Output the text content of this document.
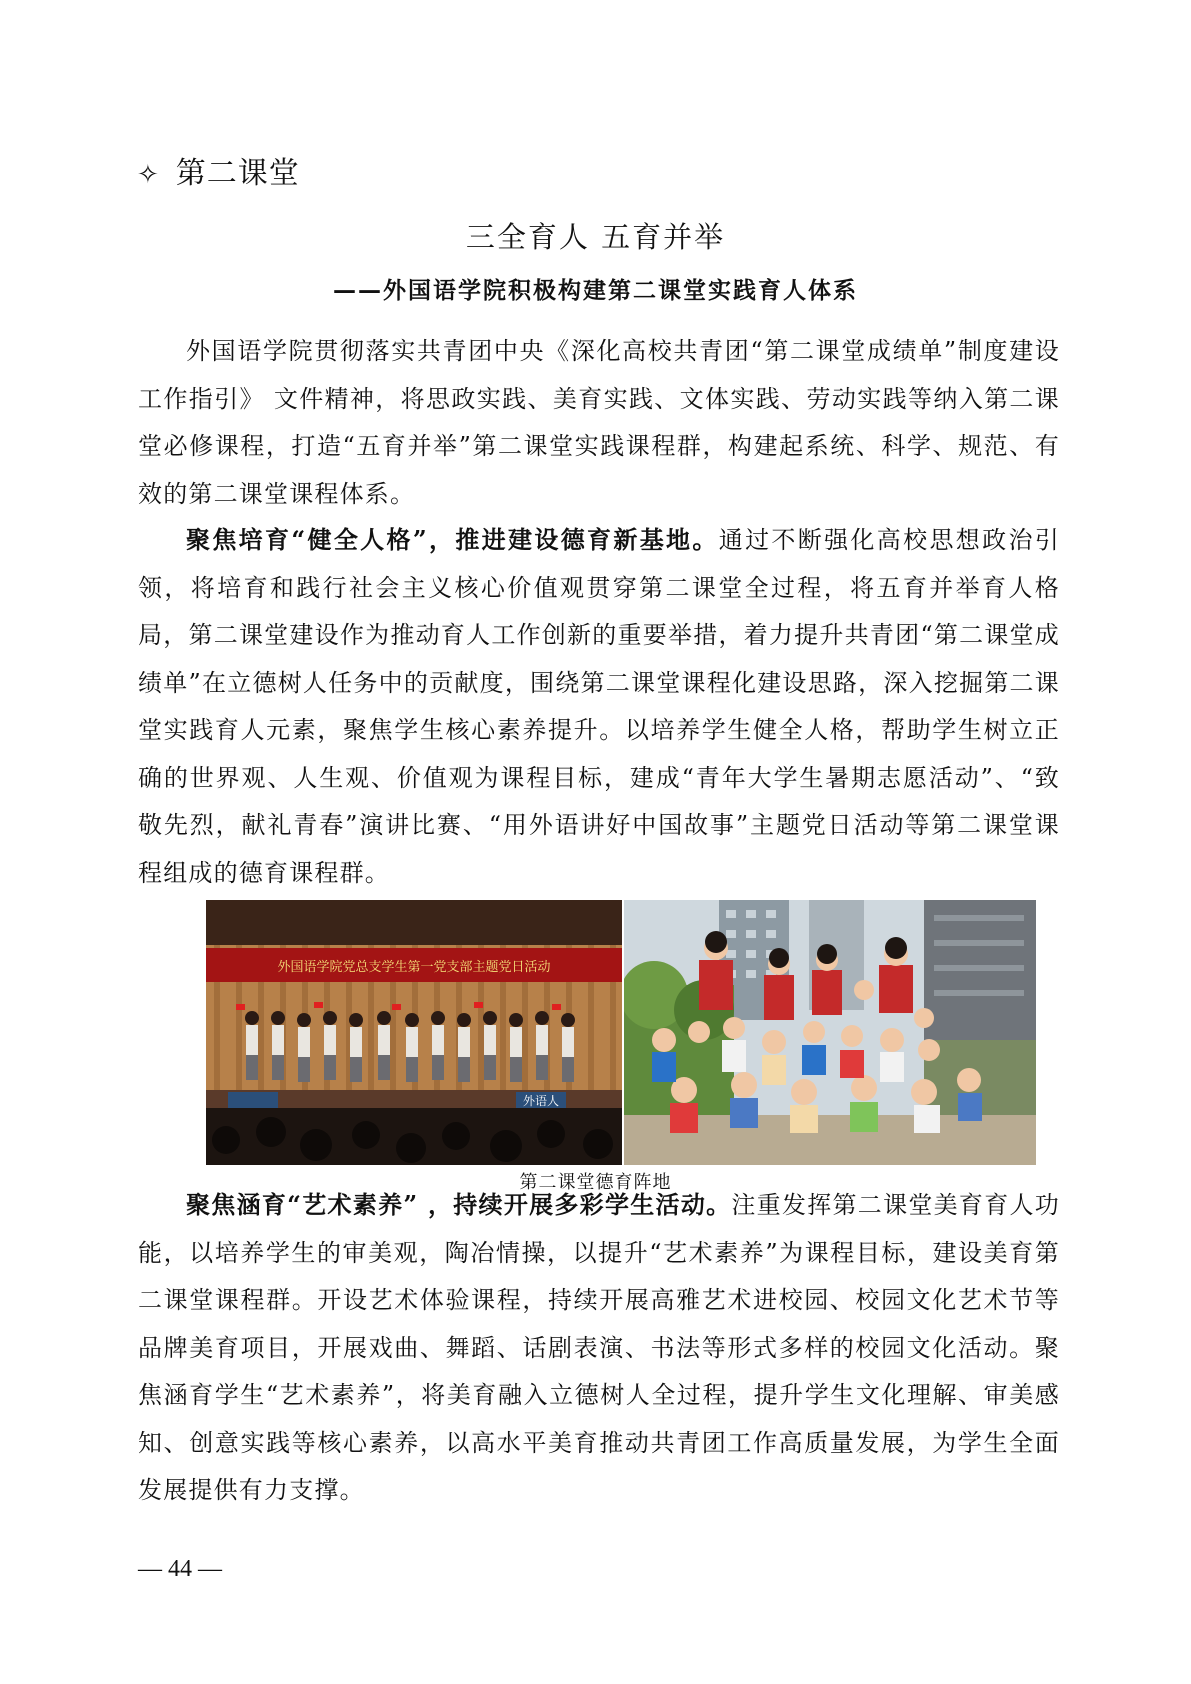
✧ 第二课堂
三全育人 五育并举
——外国语学院积极构建第二课堂实践育人体系

外国语学院贯彻落实共青团中央《深化高校共青团“第二课堂成绩单”制度建设工作指引》 文件精神，将思政实践、美育实践、文体实践、劳动实践等纳入第二课堂必修课程，打造“五育并举”第二课堂实践课程群，构建起系统、科学、规范、有效的第二课堂课程体系。

聚焦培育“健全人格”，推进建设德育新基地。通过不断强化高校思想政治引领，将培育和践行社会主义核心价值观贯穿第二课堂全过程，将五育并举育人格局，第二课堂建设作为推动育人工作创新的重要举措，着力提升共青团“第二课堂成绩单”在立德树人任务中的贡献度，围绕第二课堂课程化建设思路，深入挖掘第二课堂实践育人元素，聚焦学生核心素养提升。以培养学生健全人格，帮助学生树立正确的世界观、人生观、价值观为课程目标，建成“青年大学生暑期志愿活动”、“致敬先烈，献礼青春”演讲比赛、“用外语讲好中国故事”主题党日活动等第二课堂课程组成的德育课程群。

外国语学院党总支学生第一党支部主题党日活动
外语人
第二课堂德育阵地

聚焦涵育“艺术素养” ，持续开展多彩学生活动。注重发挥第二课堂美育育人功能，以培养学生的审美观，陶冶情操，以提升“艺术素养”为课程目标，建设美育第二课堂课程群。开设艺术体验课程，持续开展高雅艺术进校园、校园文化艺术节等品牌美育项目，开展戏曲、舞蹈、话剧表演、书法等形式多样的校园文化活动。聚焦涵育学生“艺术素养”，将美育融入立德树人全过程，提升学生文化理解、审美感知、创意实践等核心素养，以高水平美育推动共青团工作高质量发展，为学生全面发展提供有力支撑。

— 44 —
